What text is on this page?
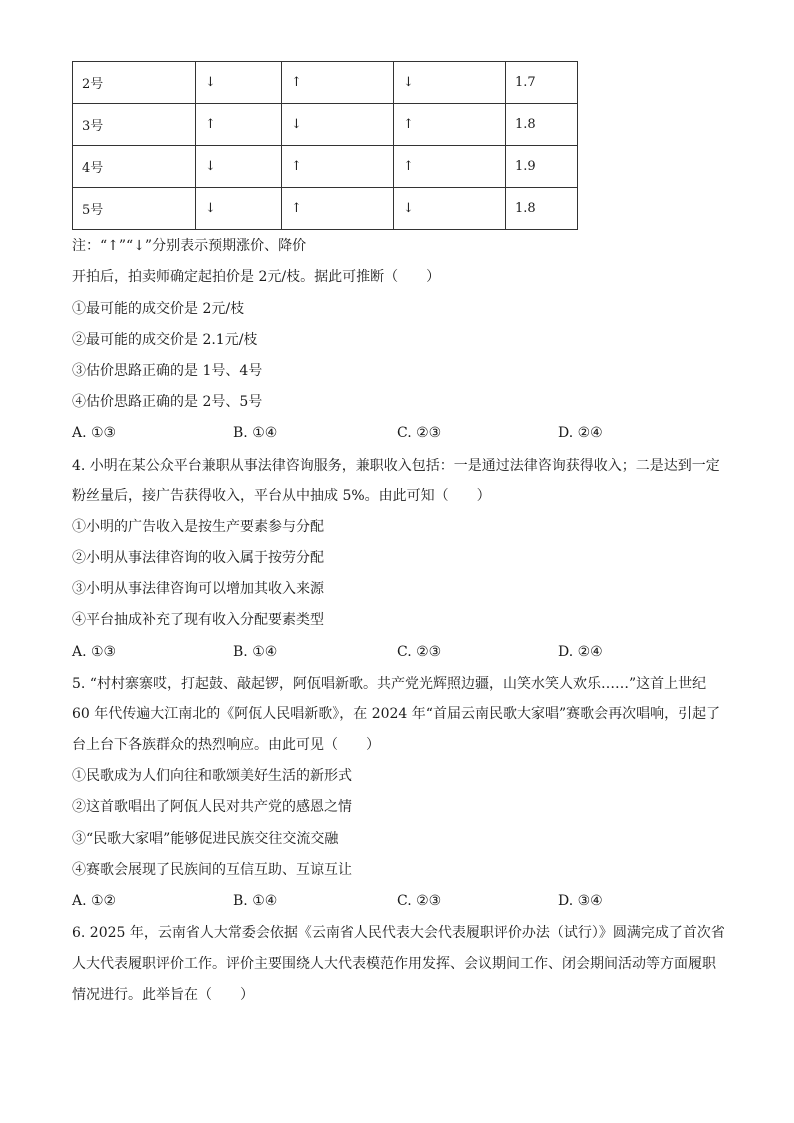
2号	↓	↑	↓	1.7
3号	↑	↓	↑	1.8
4号	↓	↑	↑	1.9
5号	↓	↑	↓	1.8
注：“↑”“↓”分别表示预期涨价、降价
开拍后，拍卖师确定起拍价是 2元/枝。据此可推断（　　）
①最可能的成交价是 2元/枝
②最可能的成交价是 2.1元/枝
③估价思路正确的是 1号、4号
④估价思路正确的是 2号、5号
A. ①③	B. ①④	C. ②③	D. ②④
4. 小明在某公众平台兼职从事法律咨询服务，兼职收入包括：一是通过法律咨询获得收入；二是达到一定
粉丝量后，接广告获得收入，平台从中抽成 5%。由此可知（　　）
①小明的广告收入是按生产要素参与分配
②小明从事法律咨询的收入属于按劳分配
③小明从事法律咨询可以增加其收入来源
④平台抽成补充了现有收入分配要素类型
A. ①③	B. ①④	C. ②③	D. ②④
5. “村村寨寨哎，打起鼓、敲起锣，阿佤唱新歌。共产党光辉照边疆，山笑水笑人欢乐……”这首上世纪
60 年代传遍大江南北的《阿佤人民唱新歌》，在 2024 年“首届云南民歌大家唱”赛歌会再次唱响，引起了
台上台下各族群众的热烈响应。由此可见（　　）
①民歌成为人们向往和歌颂美好生活的新形式
②这首歌唱出了阿佤人民对共产党的感恩之情
③“民歌大家唱”能够促进民族交往交流交融
④赛歌会展现了民族间的互信互助、互谅互让
A. ①②	B. ①④	C. ②③	D. ③④
6. 2025 年，云南省人大常委会依据《云南省人民代表大会代表履职评价办法（试行）》圆满完成了首次省
人大代表履职评价工作。评价主要围绕人大代表模范作用发挥、会议期间工作、闭会期间活动等方面履职
情况进行。此举旨在（　　）
